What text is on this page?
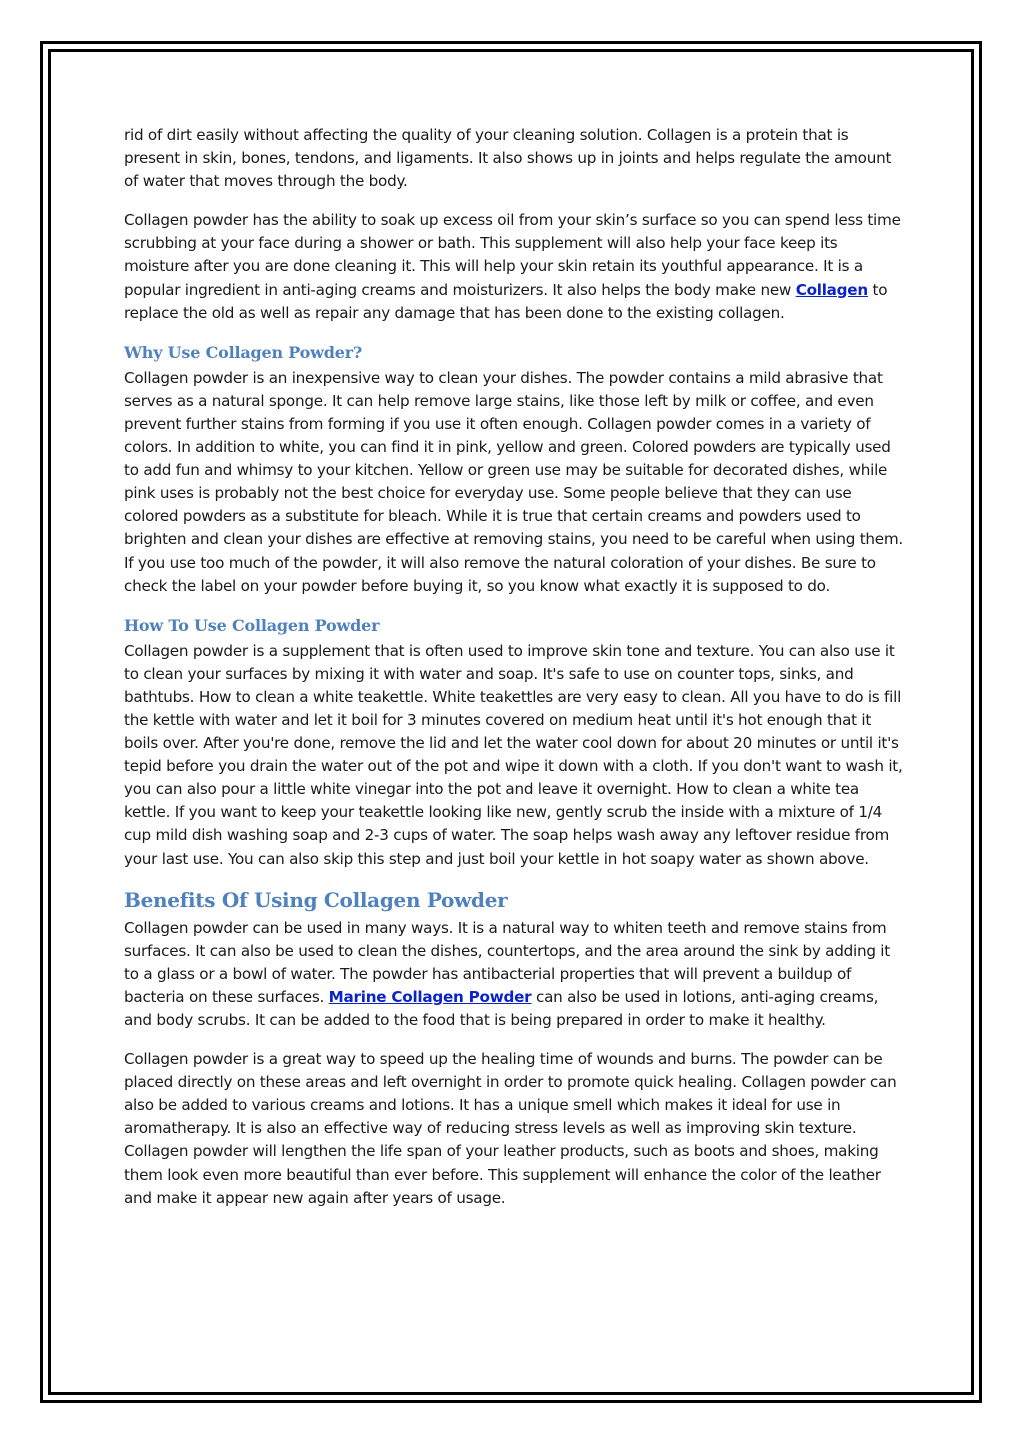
rid of dirt easily without affecting the quality of your cleaning solution. Collagen is a protein that is present in skin, bones, tendons, and ligaments. It also shows up in joints and helps regulate the amount of water that moves through the body.

Collagen powder has the ability to soak up excess oil from your skin’s surface so you can spend less time scrubbing at your face during a shower or bath. This supplement will also help your face keep its moisture after you are done cleaning it. This will help your skin retain its youthful appearance. It is a popular ingredient in anti-aging creams and moisturizers. It also helps the body make new Collagen to replace the old as well as repair any damage that has been done to the existing collagen.

Why Use Collagen Powder?

Collagen powder is an inexpensive way to clean your dishes. The powder contains a mild abrasive that serves as a natural sponge. It can help remove large stains, like those left by milk or coffee, and even prevent further stains from forming if you use it often enough. Collagen powder comes in a variety of colors. In addition to white, you can find it in pink, yellow and green. Colored powders are typically used to add fun and whimsy to your kitchen. Yellow or green use may be suitable for decorated dishes, while pink uses is probably not the best choice for everyday use. Some people believe that they can use colored powders as a substitute for bleach. While it is true that certain creams and powders used to brighten and clean your dishes are effective at removing stains, you need to be careful when using them. If you use too much of the powder, it will also remove the natural coloration of your dishes. Be sure to check the label on your powder before buying it, so you know what exactly it is supposed to do.

How To Use Collagen Powder

Collagen powder is a supplement that is often used to improve skin tone and texture. You can also use it to clean your surfaces by mixing it with water and soap. It's safe to use on counter tops, sinks, and bathtubs. How to clean a white teakettle. White teakettles are very easy to clean. All you have to do is fill the kettle with water and let it boil for 3 minutes covered on medium heat until it's hot enough that it boils over. After you're done, remove the lid and let the water cool down for about 20 minutes or until it's tepid before you drain the water out of the pot and wipe it down with a cloth. If you don't want to wash it, you can also pour a little white vinegar into the pot and leave it overnight. How to clean a white tea kettle. If you want to keep your teakettle looking like new, gently scrub the inside with a mixture of 1/4 cup mild dish washing soap and 2-3 cups of water. The soap helps wash away any leftover residue from your last use. You can also skip this step and just boil your kettle in hot soapy water as shown above.

Benefits Of Using Collagen Powder

Collagen powder can be used in many ways. It is a natural way to whiten teeth and remove stains from surfaces. It can also be used to clean the dishes, countertops, and the area around the sink by adding it to a glass or a bowl of water. The powder has antibacterial properties that will prevent a buildup of bacteria on these surfaces. Marine Collagen Powder can also be used in lotions, anti-aging creams, and body scrubs. It can be added to the food that is being prepared in order to make it healthy.

Collagen powder is a great way to speed up the healing time of wounds and burns. The powder can be placed directly on these areas and left overnight in order to promote quick healing. Collagen powder can also be added to various creams and lotions. It has a unique smell which makes it ideal for use in aromatherapy. It is also an effective way of reducing stress levels as well as improving skin texture. Collagen powder will lengthen the life span of your leather products, such as boots and shoes, making them look even more beautiful than ever before. This supplement will enhance the color of the leather and make it appear new again after years of usage.
